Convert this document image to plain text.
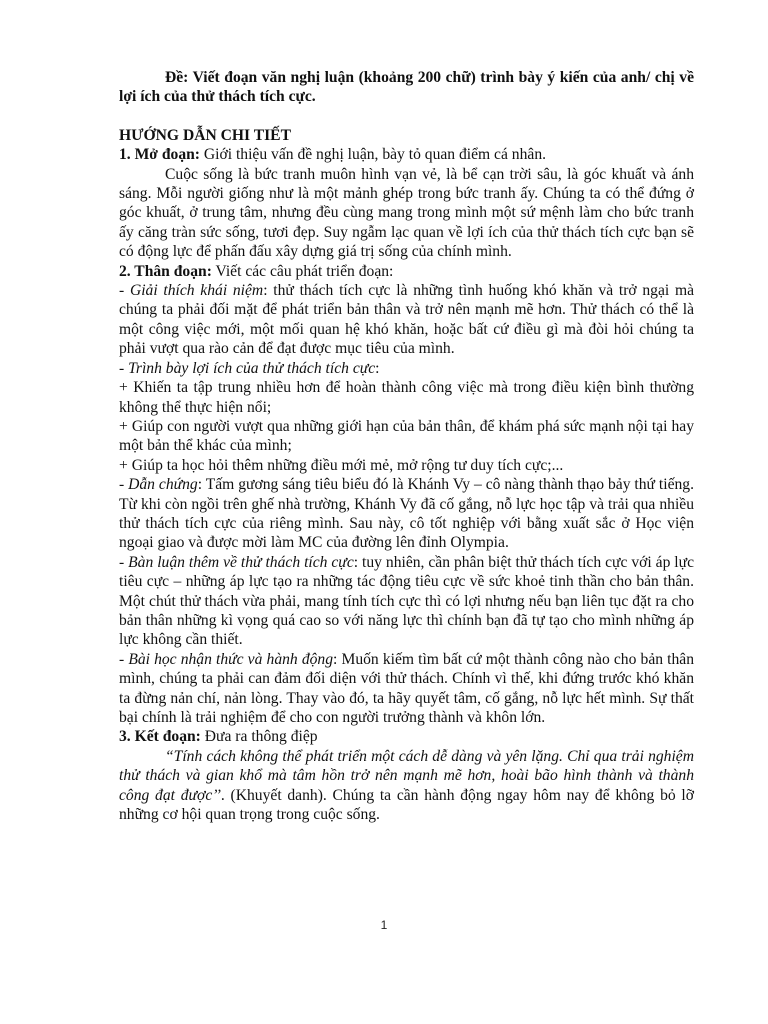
Đề: Viết đoạn văn nghị luận (khoảng 200 chữ) trình bày ý kiến của anh/ chị về lợi ích của thử thách tích cực.

HƯỚNG DẪN CHI TIẾT

1. Mở đoạn: Giới thiệu vấn đề nghị luận, bày tỏ quan điểm cá nhân.

Cuộc sống là bức tranh muôn hình vạn vẻ, là bể cạn trời sâu, là góc khuất và ánh sáng. Mỗi người giống như là một mảnh ghép trong bức tranh ấy. Chúng ta có thể đứng ở góc khuất, ở trung tâm, nhưng đều cùng mang trong mình một sứ mệnh làm cho bức tranh ấy căng tràn sức sống, tươi đẹp. Suy ngẫm lạc quan về lợi ích của thử thách tích cực bạn sẽ có động lực để phấn đấu xây dựng giá trị sống của chính mình.

2. Thân đoạn: Viết các câu phát triển đoạn:

- Giải thích khái niệm: thử thách tích cực là những tình huống khó khăn và trở ngại mà chúng ta phải đối mặt để phát triển bản thân và trở nên mạnh mẽ hơn. Thử thách có thể là một công việc mới, một mối quan hệ khó khăn, hoặc bất cứ điều gì mà đòi hỏi chúng ta phải vượt qua rào cản để đạt được mục tiêu của mình.

- Trình bày lợi ích của thử thách tích cực:

+ Khiến ta tập trung nhiều hơn để hoàn thành công việc mà trong điều kiện bình thường không thể thực hiện nổi;

+ Giúp con người vượt qua những giới hạn của bản thân, để khám phá sức mạnh nội tại hay một bản thể khác của mình;

+ Giúp ta học hỏi thêm những điều mới mẻ, mở rộng tư duy tích cực;...

- Dẫn chứng: Tấm gương sáng tiêu biểu đó là Khánh Vy – cô nàng thành thạo bảy thứ tiếng. Từ khi còn ngồi trên ghế nhà trường, Khánh Vy đã cố gắng, nỗ lực học tập và trải qua nhiều thử thách tích cực của riêng mình. Sau này, cô tốt nghiệp với bằng xuất sắc ở Học viện ngoại giao và được mời làm MC của đường lên đỉnh Olympia.

- Bàn luận thêm về thử thách tích cực: tuy nhiên, cần phân biệt thử thách tích cực với áp lực tiêu cực – những áp lực tạo ra những tác động tiêu cực về sức khoẻ tinh thần cho bản thân. Một chút thử thách vừa phải, mang tính tích cực thì có lợi nhưng nếu bạn liên tục đặt ra cho bản thân những kì vọng quá cao so với năng lực thì chính bạn đã tự tạo cho mình những áp lực không cần thiết.

- Bài học nhận thức và hành động: Muốn kiếm tìm bất cứ một thành công nào cho bản thân mình, chúng ta phải can đảm đối diện với thử thách. Chính vì thế, khi đứng trước khó khăn ta đừng nản chí, nản lòng. Thay vào đó, ta hãy quyết tâm, cố gắng, nỗ lực hết mình. Sự thất bại chính là trải nghiệm để cho con người trưởng thành và khôn lớn.

3. Kết đoạn: Đưa ra thông điệp

“Tính cách không thể phát triển một cách dễ dàng và yên lặng. Chỉ qua trải nghiệm thử thách và gian khổ mà tâm hồn trở nên mạnh mẽ hơn, hoài bão hình thành và thành công đạt được’’. (Khuyết danh). Chúng ta cần hành động ngay hôm nay để không bỏ lỡ những cơ hội quan trọng trong cuộc sống.

1
